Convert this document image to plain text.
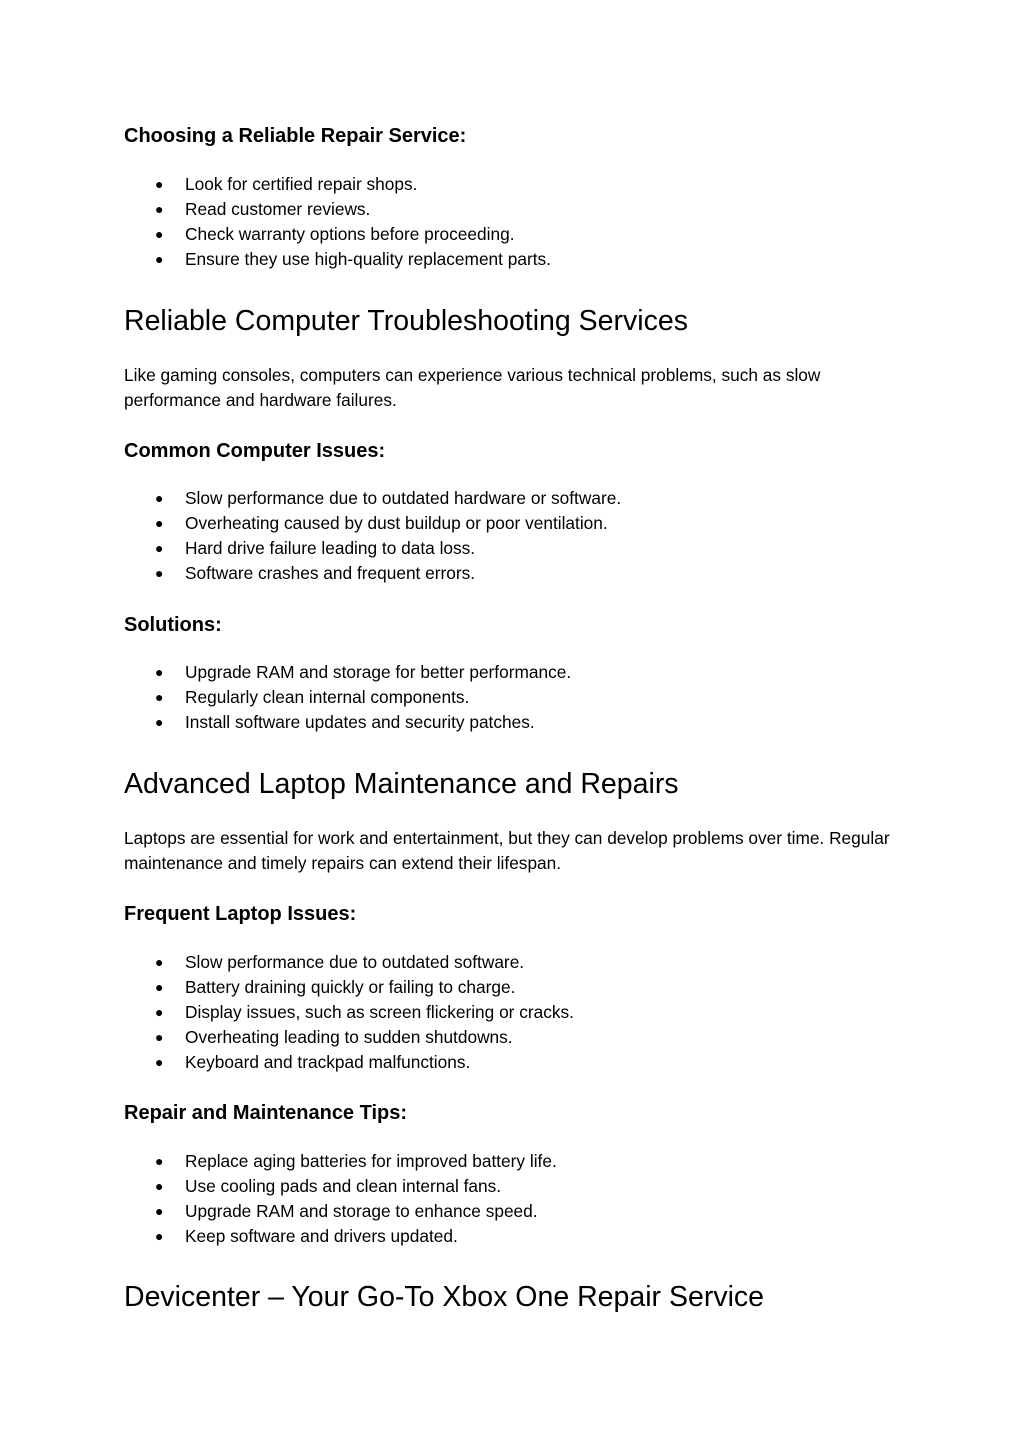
Choosing a Reliable Repair Service:
● Look for certified repair shops.
● Read customer reviews.
● Check warranty options before proceeding.
● Ensure they use high-quality replacement parts.
Reliable Computer Troubleshooting Services
Like gaming consoles, computers can experience various technical problems, such as slow performance and hardware failures.
Common Computer Issues:
● Slow performance due to outdated hardware or software.
● Overheating caused by dust buildup or poor ventilation.
● Hard drive failure leading to data loss.
● Software crashes and frequent errors.
Solutions:
● Upgrade RAM and storage for better performance.
● Regularly clean internal components.
● Install software updates and security patches.
Advanced Laptop Maintenance and Repairs
Laptops are essential for work and entertainment, but they can develop problems over time. Regular maintenance and timely repairs can extend their lifespan.
Frequent Laptop Issues:
● Slow performance due to outdated software.
● Battery draining quickly or failing to charge.
● Display issues, such as screen flickering or cracks.
● Overheating leading to sudden shutdowns.
● Keyboard and trackpad malfunctions.
Repair and Maintenance Tips:
● Replace aging batteries for improved battery life.
● Use cooling pads and clean internal fans.
● Upgrade RAM and storage to enhance speed.
● Keep software and drivers updated.
Devicenter – Your Go-To Xbox One Repair Service
